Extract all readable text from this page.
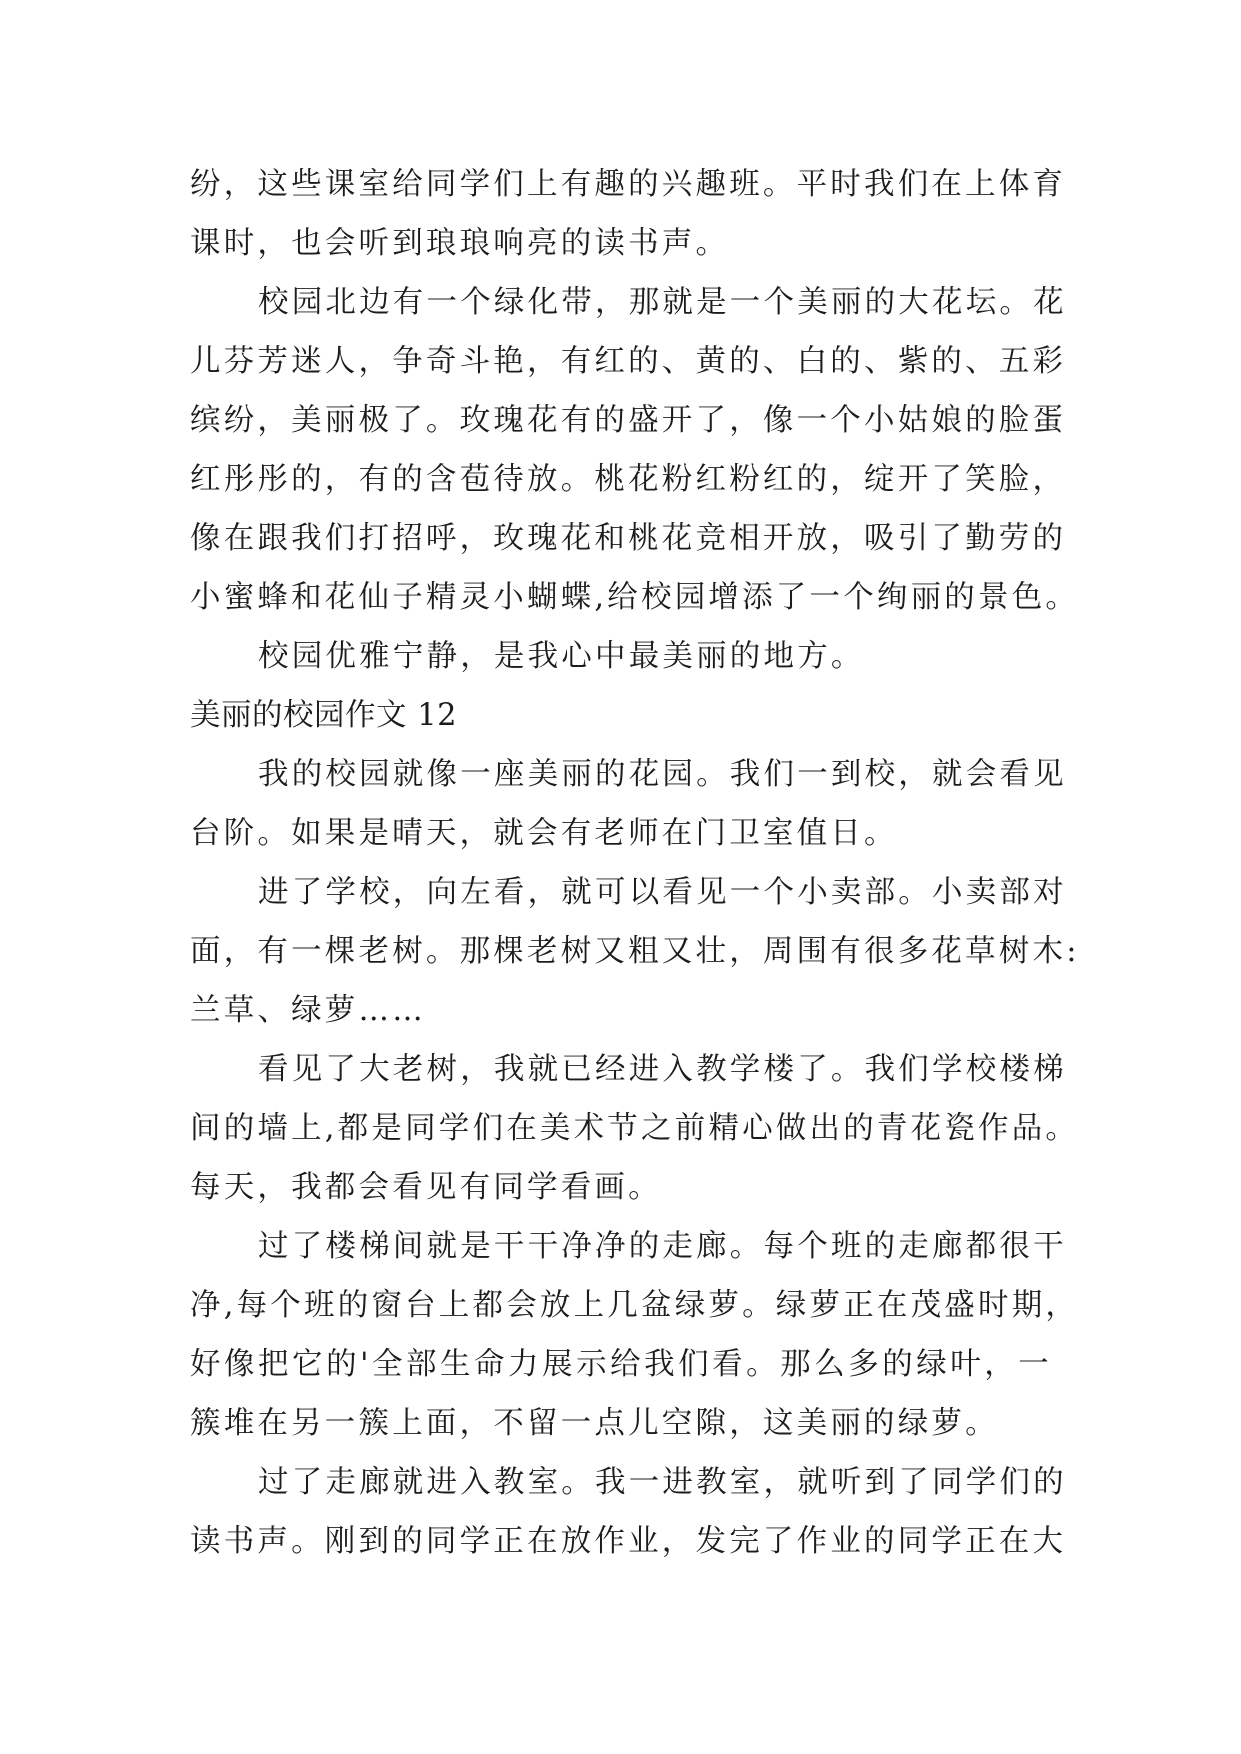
纷，这些课室给同学们上有趣的兴趣班。平时我们在上体育
课时，也会听到琅琅响亮的读书声。
校园北边有一个绿化带，那就是一个美丽的大花坛。花
儿芬芳迷人，争奇斗艳，有红的、黄的、白的、紫的、五彩
缤纷，美丽极了。玫瑰花有的盛开了，像一个小姑娘的脸蛋
红彤彤的，有的含苞待放。桃花粉红粉红的，绽开了笑脸，
像在跟我们打招呼，玫瑰花和桃花竞相开放，吸引了勤劳的
小蜜蜂和花仙子精灵小蝴蝶,给校园增添了一个绚丽的景色。
校园优雅宁静，是我心中最美丽的地方。
美丽的校园作文 12
我的校园就像一座美丽的花园。我们一到校，就会看见
台阶。如果是晴天，就会有老师在门卫室值日。
进了学校，向左看，就可以看见一个小卖部。小卖部对
面，有一棵老树。那棵老树又粗又壮，周围有很多花草树木:
兰草、绿萝……
看见了大老树，我就已经进入教学楼了。我们学校楼梯
间的墙上,都是同学们在美术节之前精心做出的青花瓷作品。
每天，我都会看见有同学看画。
过了楼梯间就是干干净净的走廊。每个班的走廊都很干
净,每个班的窗台上都会放上几盆绿萝。绿萝正在茂盛时期，
好像把它的'全部生命力展示给我们看。那么多的绿叶，一
簇堆在另一簇上面，不留一点儿空隙，这美丽的绿萝。
过了走廊就进入教室。我一进教室，就听到了同学们的
读书声。刚到的同学正在放作业，发完了作业的同学正在大
